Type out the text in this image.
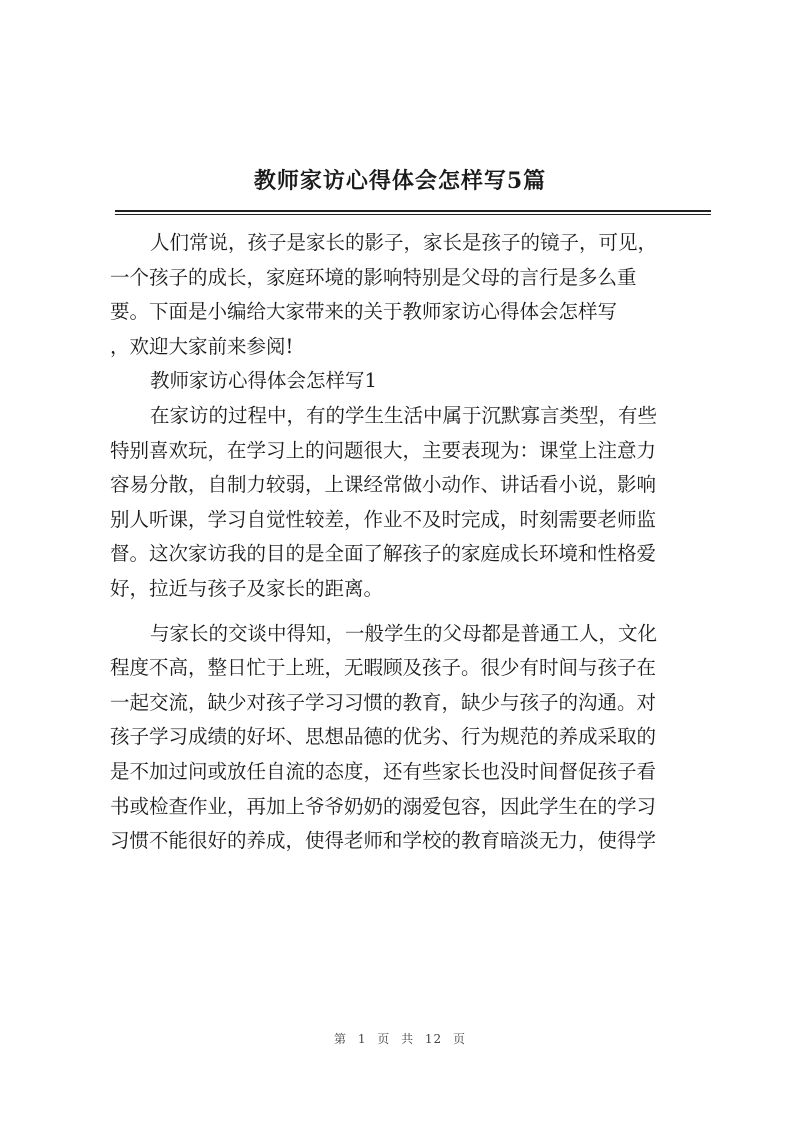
教师家访心得体会怎样写5篇
人们常说，孩子是家长的影子，家长是孩子的镜子，可见，
一个孩子的成长，家庭环境的影响特别是父母的言行是多么重
要。下面是小编给大家带来的关于教师家访心得体会怎样写
，欢迎大家前来参阅!
教师家访心得体会怎样写1
在家访的过程中，有的学生生活中属于沉默寡言类型，有些
特别喜欢玩，在学习上的问题很大，主要表现为：课堂上注意力
容易分散，自制力较弱，上课经常做小动作、讲话看小说，影响
别人听课，学习自觉性较差，作业不及时完成，时刻需要老师监
督。这次家访我的目的是全面了解孩子的家庭成长环境和性格爱
好，拉近与孩子及家长的距离。
与家长的交谈中得知，一般学生的父母都是普通工人，文化
程度不高，整日忙于上班，无暇顾及孩子。很少有时间与孩子在
一起交流，缺少对孩子学习习惯的教育，缺少与孩子的沟通。对
孩子学习成绩的好坏、思想品德的优劣、行为规范的养成采取的
是不加过问或放任自流的态度，还有些家长也没时间督促孩子看
书或检查作业，再加上爷爷奶奶的溺爱包容，因此学生在的学习
习惯不能很好的养成，使得老师和学校的教育暗淡无力，使得学
第 1 页 共 12 页
